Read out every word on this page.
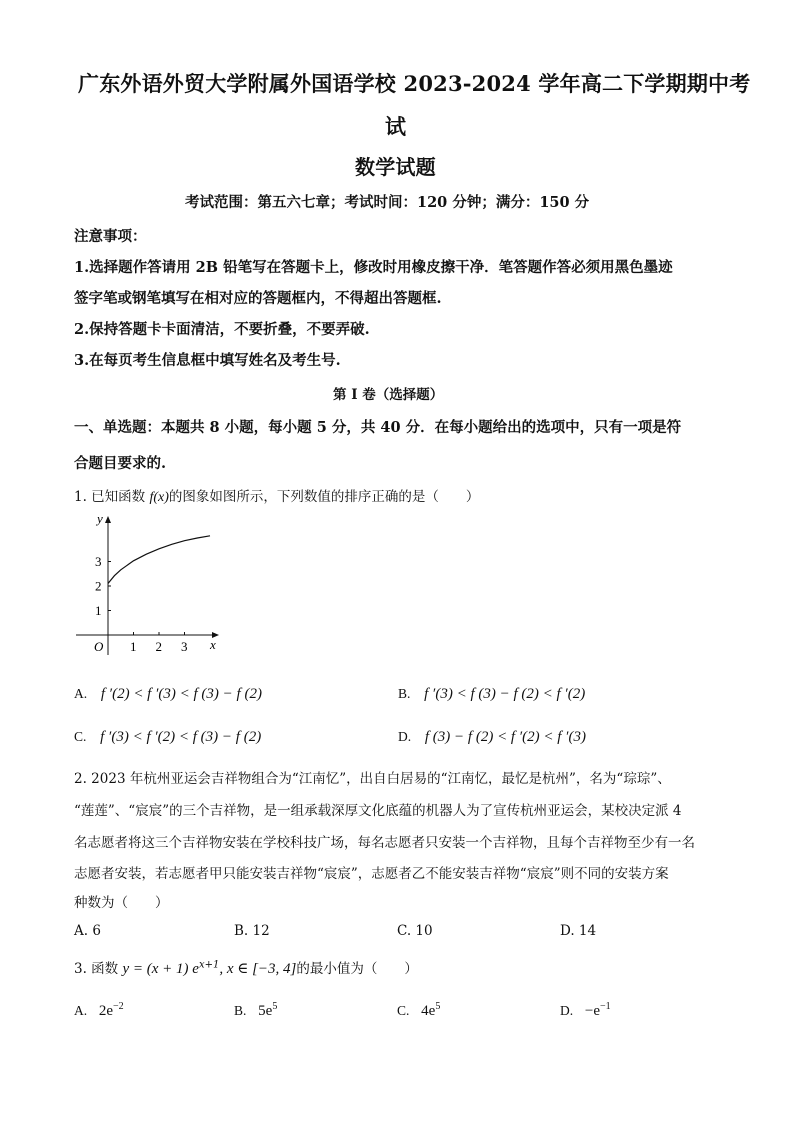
广东外语外贸大学附属外国语学校 2023-2024 学年高二下学期期中考
试
数学试题
考试范围：第五六七章；考试时间：120 分钟；满分：150 分
注意事项：
1.选择题作答请用 2B 铅笔写在答题卡上，修改时用橡皮擦干净．笔答题作答必须用黑色墨迹
签字笔或钢笔填写在相对应的答题框内，不得超出答题框.
2.保持答题卡卡面清洁，不要折叠，不要弄破.
3.在每页考生信息框中填写姓名及考生号.
第 I 卷（选择题）
一、单选题：本题共 8 小题，每小题 5 分，共 40 分．在每小题给出的选项中，只有一项是符
合题目要求的.
1. 已知函数 f(x)的图象如图所示，下列数值的排序正确的是（　　）
1 2 3
1
2
3
y
x
O
A. f ′(2) < f ′(3) < f (3) − f (2)	B. f ′(3) < f (3) − f (2) < f ′(2)
C. f ′(3) < f ′(2) < f (3) − f (2)	D. f (3) − f (2) < f ′(2) < f ′(3)
2. 2023 年杭州亚运会吉祥物组合为“江南忆”，出自白居易的“江南忆，最忆是杭州”，名为“琮琮”、
“莲莲”、“宸宸”的三个吉祥物，是一组承载深厚文化底蕴的机器人为了宣传杭州亚运会，某校决定派 4
名志愿者将这三个吉祥物安装在学校科技广场，每名志愿者只安装一个吉祥物，且每个吉祥物至少有一名
志愿者安装，若志愿者甲只能安装吉祥物“宸宸”，志愿者乙不能安装吉祥物“宸宸”则不同的安装方案
种数为（　　）
A. 6	B. 12	C. 10	D. 14
3. 函数 y = (x + 1) $e^{x+1}$, x ∈ [−3, 4]的最小值为（　　）
A. $2e^{-2}$	B. $5e^5$	C. $4e^5$	D. $-e^{-1}$
